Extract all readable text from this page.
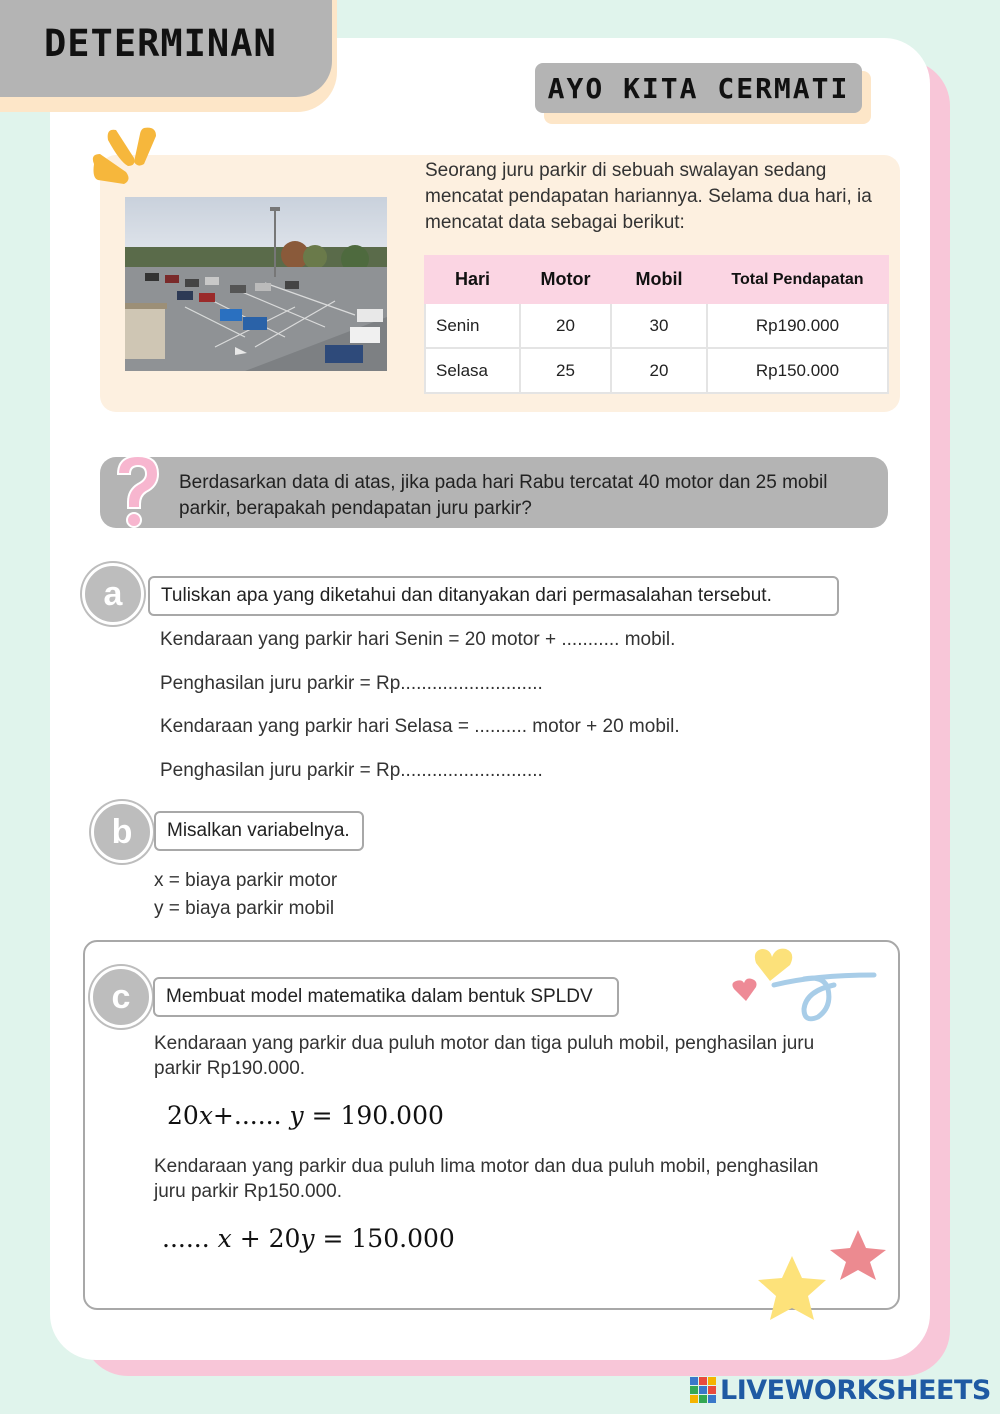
DETERMINAN
AYO KITA CERMATI

Seorang juru parkir di sebuah swalayan sedang mencatat pendapatan hariannya. Selama dua hari, ia mencatat data sebagai berikut:

Hari	Motor	Mobil	Total Pendapatan
Senin	20	30	Rp190.000
Selasa	25	20	Rp150.000

Berdasarkan data di atas, jika pada hari Rabu tercatat 40 motor dan 25 mobil parkir, berapakah pendapatan juru parkir?

a	Tuliskan apa yang diketahui dan ditanyakan dari permasalahan tersebut.
Kendaraan yang parkir hari Senin = 20 motor + ........... mobil.
Penghasilan juru parkir = Rp...........................
Kendaraan yang parkir hari Selasa = .......... motor + 20 mobil.
Penghasilan juru parkir = Rp...........................
b	Misalkan variabelnya.
x = biaya parkir motor
y = biaya parkir mobil
c	Membuat model matematika dalam bentuk SPLDV

Kendaraan yang parkir dua puluh motor dan tiga puluh mobil, penghasilan juru parkir Rp190.000.

20x+...... y = 190.000

Kendaraan yang parkir dua puluh lima motor dan dua puluh mobil, penghasilan juru parkir Rp150.000.

...... x + 20y = 150.000
LIVEWORKSHEETS
